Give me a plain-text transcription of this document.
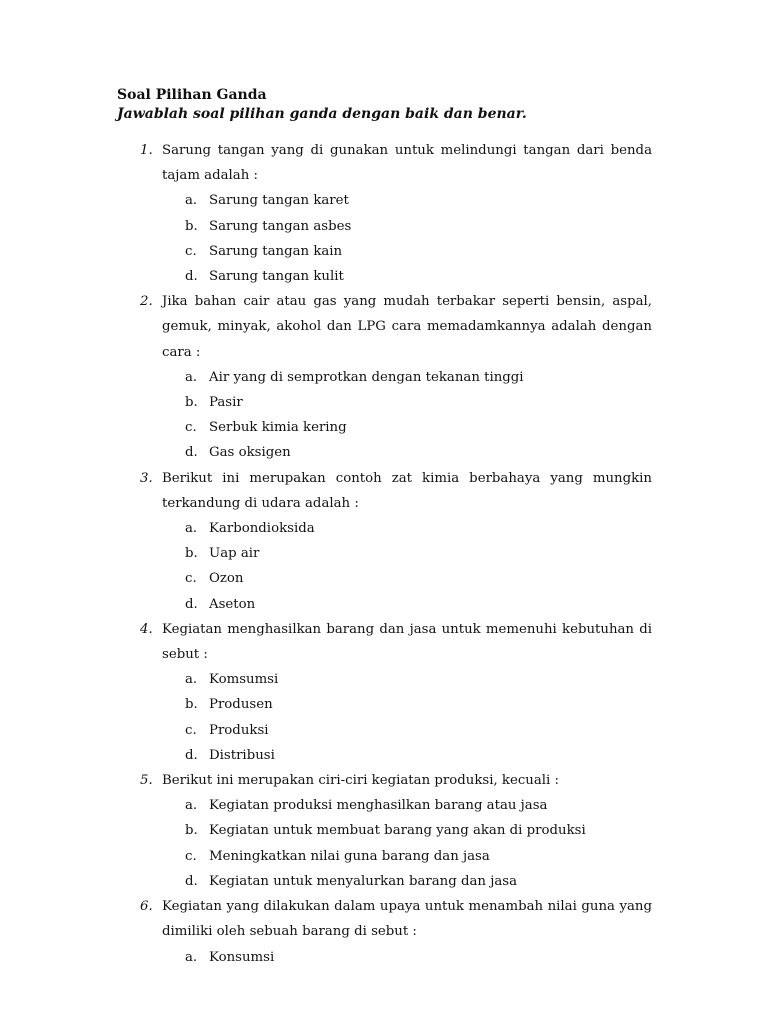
Soal Pilihan Ganda
Jawablah soal pilihan ganda dengan baik dan benar.
1. Sarung tangan yang di gunakan untuk melindungi tangan dari benda tajam adalah :
a. Sarung tangan karet
b. Sarung tangan asbes
c. Sarung tangan kain
d. Sarung tangan kulit
2. Jika bahan cair atau gas yang mudah terbakar seperti bensin, aspal, gemuk, minyak, akohol dan LPG cara memadamkannya adalah dengan cara :
a. Air yang di semprotkan dengan tekanan tinggi
b. Pasir
c. Serbuk kimia kering
d. Gas oksigen
3. Berikut ini merupakan contoh zat kimia berbahaya yang mungkin terkandung di udara adalah :
a. Karbondioksida
b. Uap air
c. Ozon
d. Aseton
4. Kegiatan menghasilkan barang dan jasa untuk memenuhi kebutuhan di sebut :
a. Komsumsi
b. Produsen
c. Produksi
d. Distribusi
5. Berikut ini merupakan ciri-ciri kegiatan produksi, kecuali :
a. Kegiatan produksi menghasilkan barang atau jasa
b. Kegiatan untuk membuat barang yang akan di produksi
c. Meningkatkan nilai guna barang dan jasa
d. Kegiatan untuk menyalurkan barang dan jasa
6. Kegiatan yang dilakukan dalam upaya untuk menambah nilai guna yang dimiliki oleh sebuah barang di sebut :
a. Konsumsi
